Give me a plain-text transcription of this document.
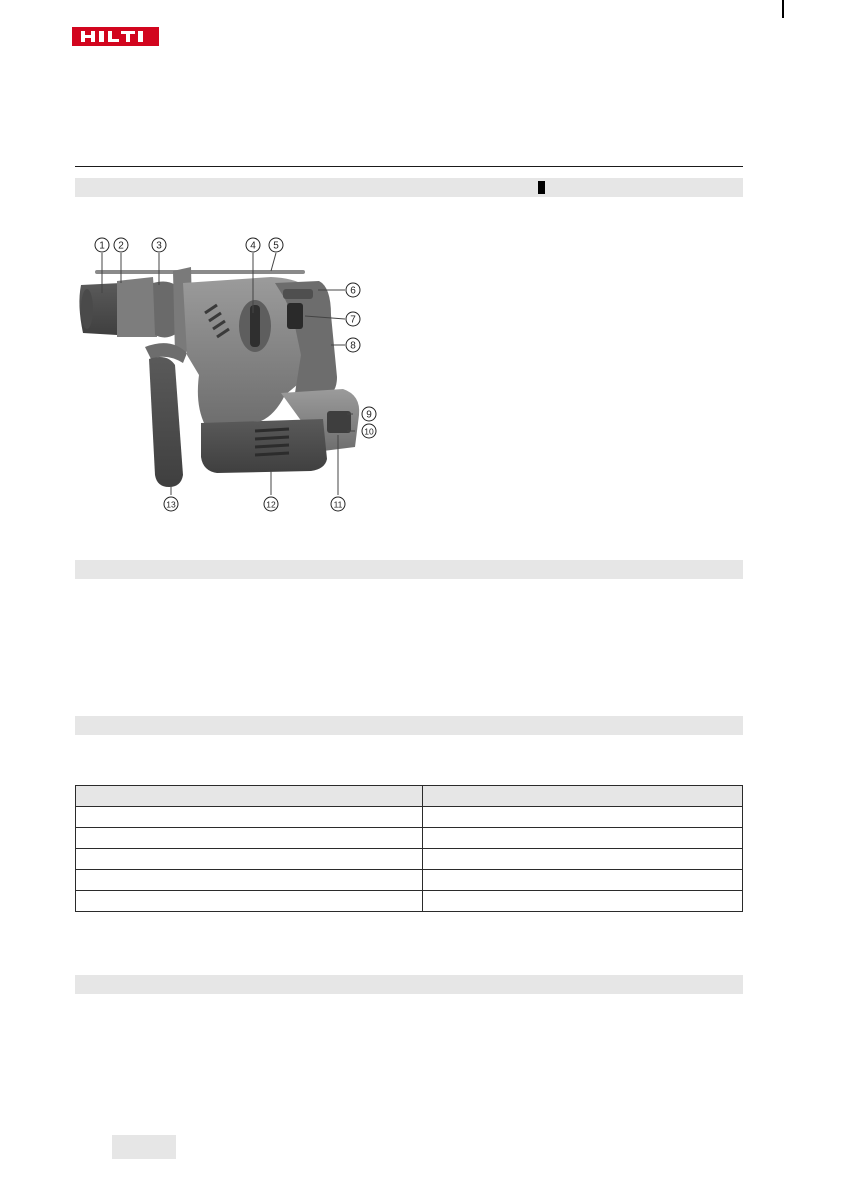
1 2	3	4 5
6
7
8
9
10
11
12
13
